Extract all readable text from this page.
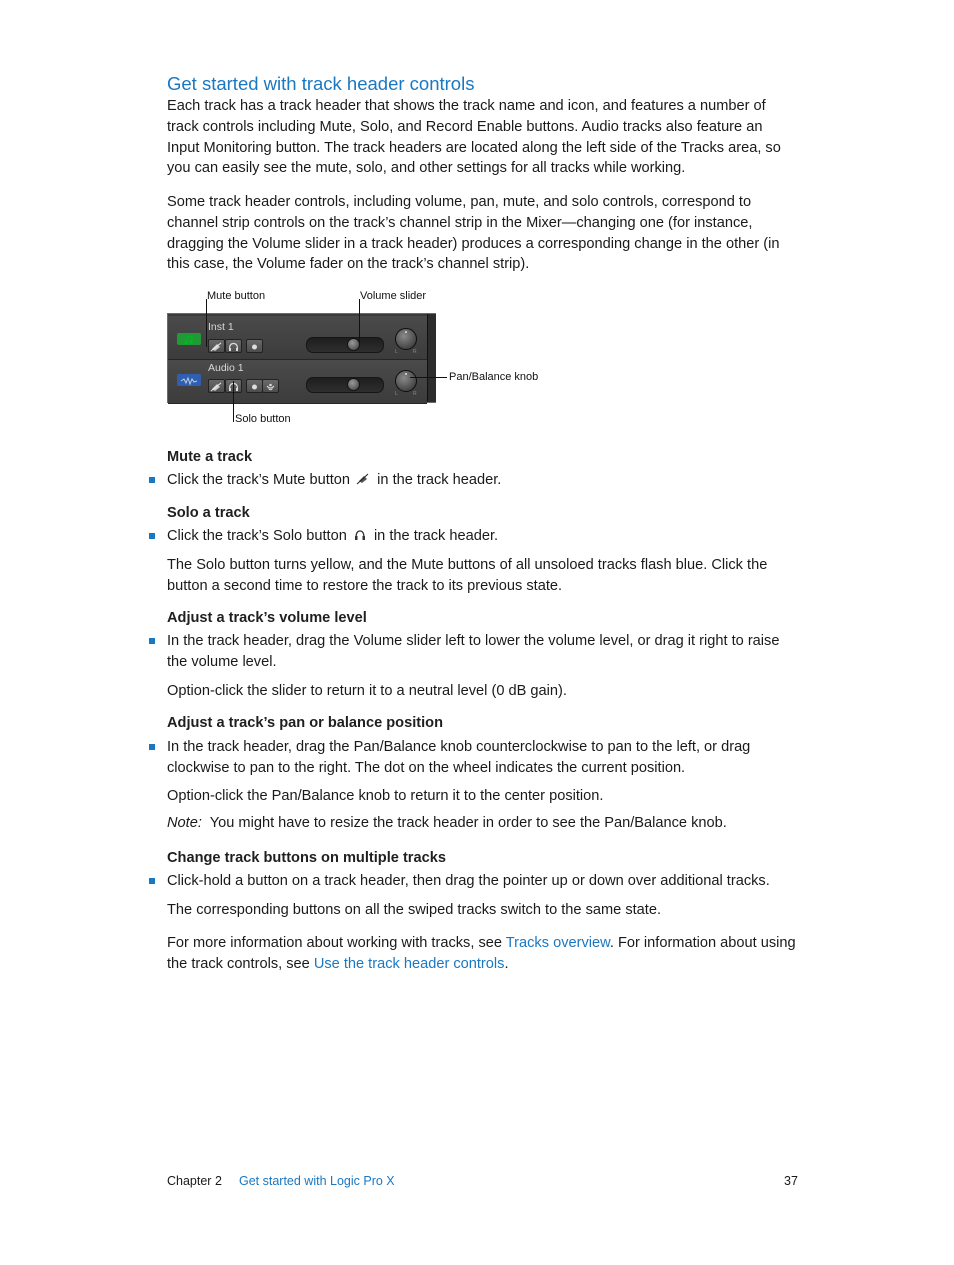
Get started with track header controls
Each track has a track header that shows the track name and icon, and features a number of track controls including Mute, Solo, and Record Enable buttons. Audio tracks also feature an Input Monitoring button. The track headers are located along the left side of the Tracks area, so you can easily see the mute, solo, and other settings for all tracks while working.
Some track header controls, including volume, pan, mute, and solo controls, correspond to channel strip controls on the track’s channel strip in the Mixer—changing one (for instance, dragging the Volume slider in a track header) produces a corresponding change in the other (in this case, the Volume fader on the track’s channel strip).
Mute button	Volume slider
Pan/Balance knob
Solo button
Inst 1
L	R
Audio 1
L	R
Mute a track
Click the track’s Mute button in the track header.
Solo a track
Click the track’s Solo button in the track header.
The Solo button turns yellow, and the Mute buttons of all unsoloed tracks flash blue. Click the button a second time to restore the track to its previous state.
Adjust a track’s volume level
In the track header, drag the Volume slider left to lower the volume level, or drag it right to raise the volume level.
Option-click the slider to return it to a neutral level (0 dB gain).
Adjust a track’s pan or balance position
In the track header, drag the Pan/Balance knob counterclockwise to pan to the left, or drag clockwise to pan to the right. The dot on the wheel indicates the current position.
Option-click the Pan/Balance knob to return it to the center position.
Note: You might have to resize the track header in order to see the Pan/Balance knob.
Change track buttons on multiple tracks
Click-hold a button on a track header, then drag the pointer up or down over additional tracks.
The corresponding buttons on all the swiped tracks switch to the same state.
For more information about working with tracks, see Tracks overview. For information about using the track controls, see Use the track header controls.
Chapter 2 Get started with Logic Pro X	37
